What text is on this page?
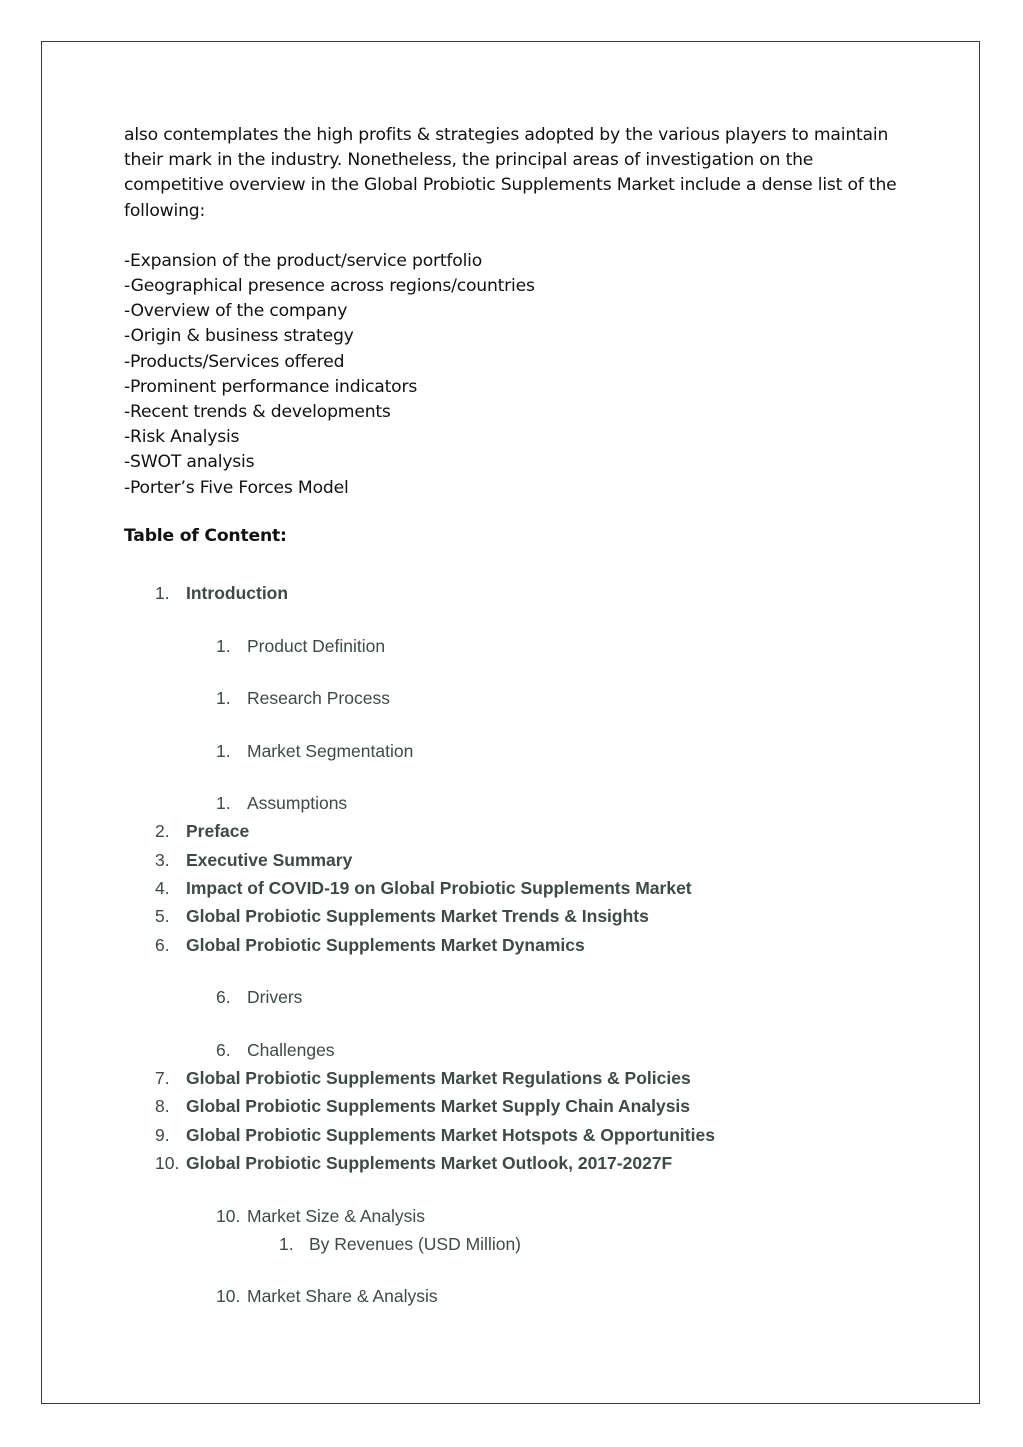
also contemplates the high profits & strategies adopted by the various players to maintain
their mark in the industry. Nonetheless, the principal areas of investigation on the
competitive overview in the Global Probiotic Supplements Market include a dense list of the
following:

-Expansion of the product/service portfolio
-Geographical presence across regions/countries
-Overview of the company
-Origin & business strategy
-Products/Services offered
-Prominent performance indicators
-Recent trends & developments
-Risk Analysis
-SWOT analysis
-Porter’s Five Forces Model
Table of Content:
1. Introduction
1. Product Definition
1. Research Process
1. Market Segmentation
1. Assumptions
2. Preface
3. Executive Summary
4. Impact of COVID-19 on Global Probiotic Supplements Market
5. Global Probiotic Supplements Market Trends & Insights
6. Global Probiotic Supplements Market Dynamics
6. Drivers
6. Challenges
7. Global Probiotic Supplements Market Regulations & Policies
8. Global Probiotic Supplements Market Supply Chain Analysis
9. Global Probiotic Supplements Market Hotspots & Opportunities
10. Global Probiotic Supplements Market Outlook, 2017-2027F
10. Market Size & Analysis
1. By Revenues (USD Million)
10. Market Share & Analysis
